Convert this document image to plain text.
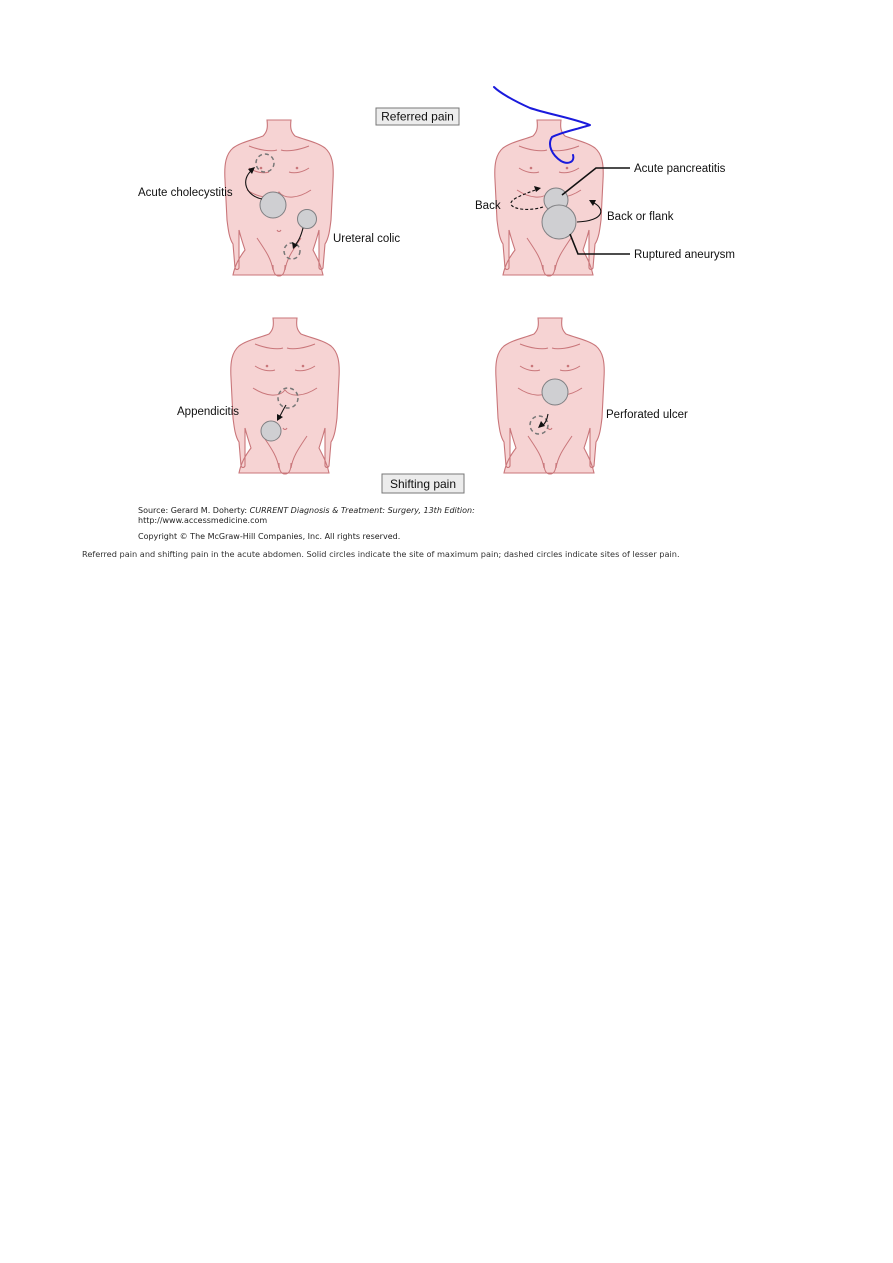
Referred pain
Acute cholecystitis
Ureteral colic
Acute pancreatitis
Back
Back or flank
Ruptured aneurysm
Appendicitis	Perforated ulcer
Shifting pain
Source: Gerard M. Doherty: CURRENT Diagnosis & Treatment: Surgery, 13th Edition:
http://www.accessmedicine.com
Copyright © The McGraw-Hill Companies, Inc. All rights reserved.
Referred pain and shifting pain in the acute abdomen. Solid circles indicate the site of maximum pain; dashed circles indicate sites of lesser pain.
